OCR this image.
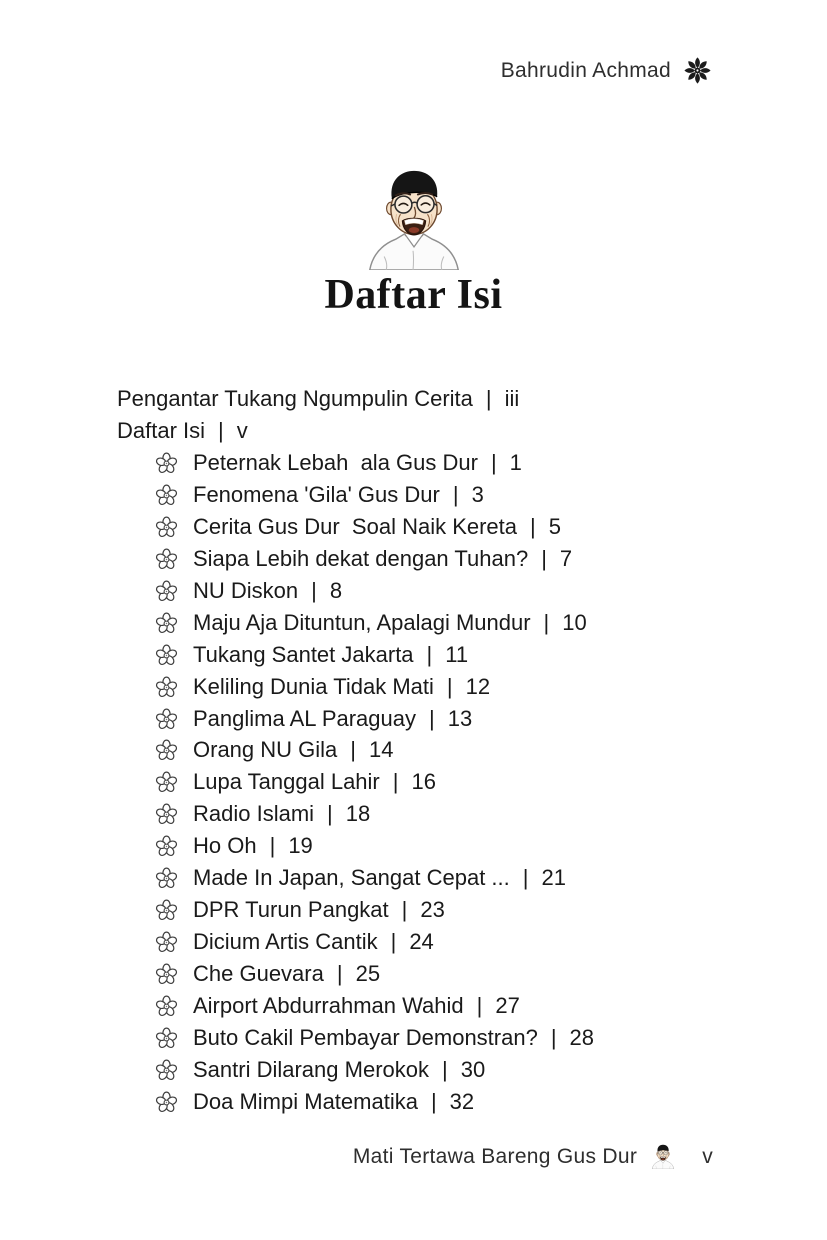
Bahrudin Achmad
Daftar Isi
Pengantar Tukang Ngumpulin Cerita | iii
Daftar Isi | v
Peternak Lebah  ala Gus Dur | 1
Fenomena 'Gila' Gus Dur | 3
Cerita Gus Dur  Soal Naik Kereta | 5
Siapa Lebih dekat dengan Tuhan? | 7
NU Diskon | 8
Maju Aja Dituntun, Apalagi Mundur | 10
Tukang Santet Jakarta | 11
Keliling Dunia Tidak Mati | 12
Panglima AL Paraguay | 13
Orang NU Gila | 14
Lupa Tanggal Lahir | 16
Radio Islami | 18
Ho Oh | 19
Made In Japan, Sangat Cepat ... | 21
DPR Turun Pangkat | 23
Dicium Artis Cantik | 24
Che Guevara | 25
Airport Abdurrahman Wahid | 27
Buto Cakil Pembayar Demonstran? | 28
Santri Dilarang Merokok | 30
Doa Mimpi Matematika | 32
Mati Tertawa Bareng Gus Dur	v
